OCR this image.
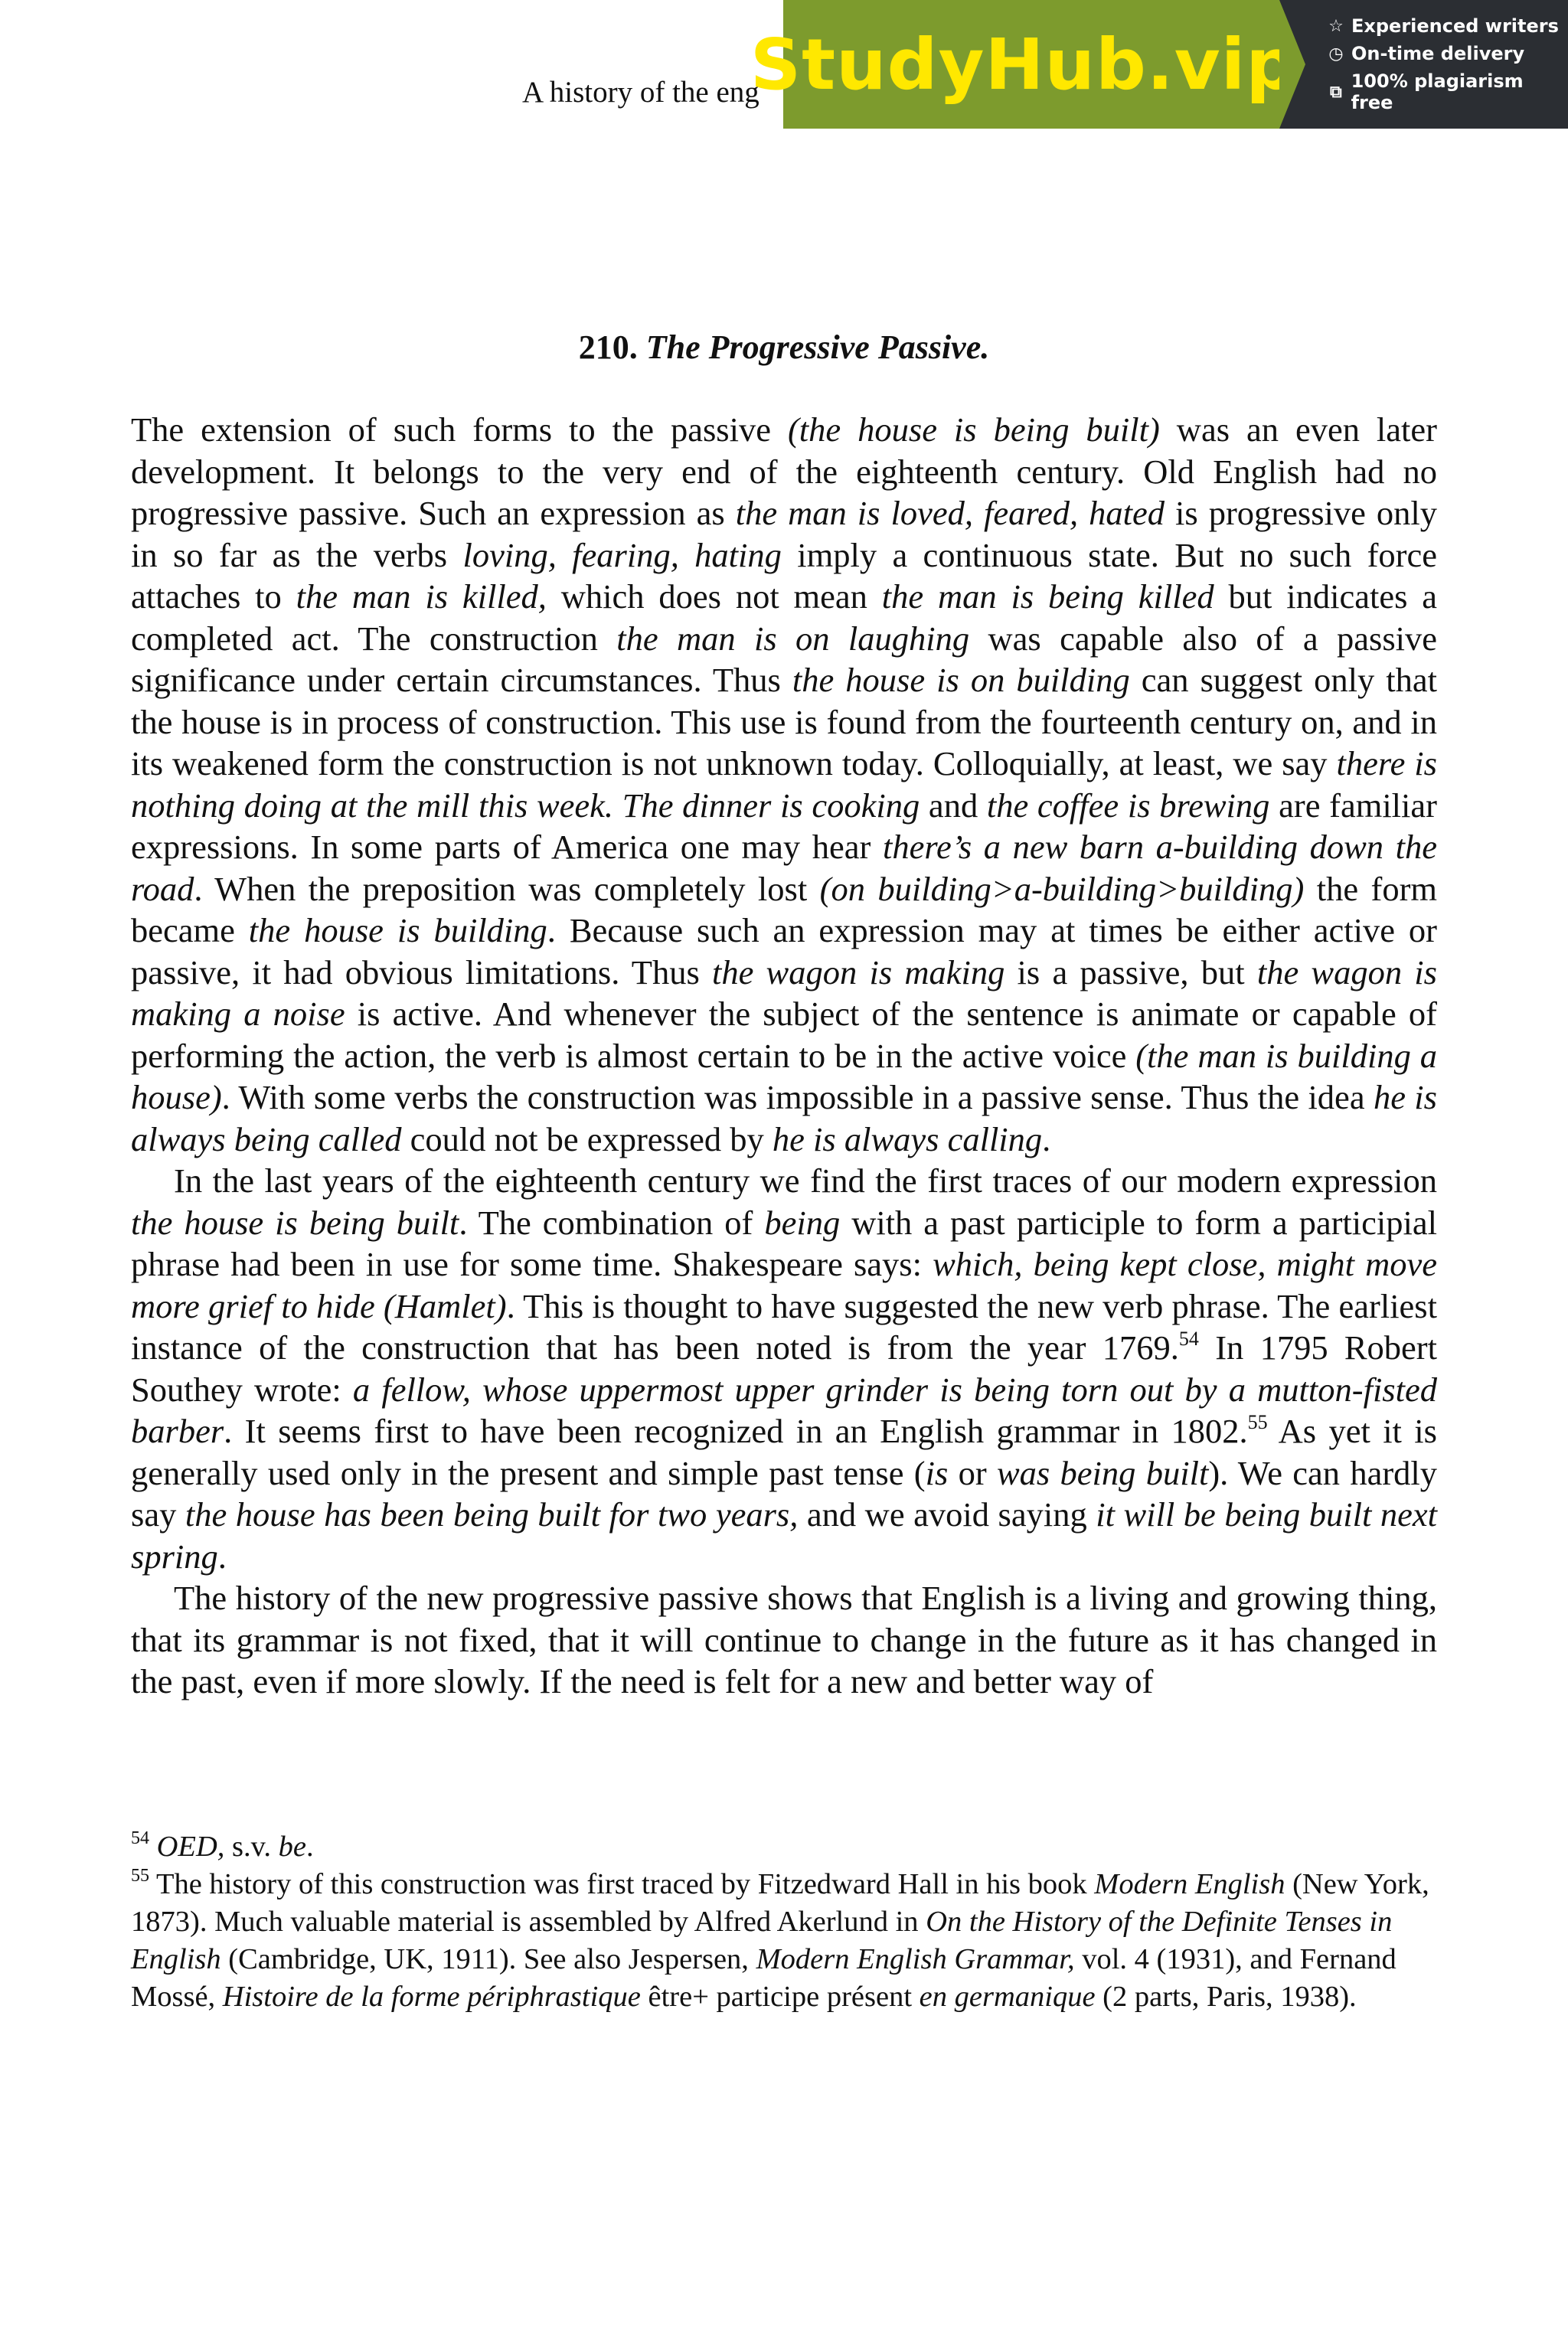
A history of the eng
StudyHub.vip ☆ Experienced writers
◷ On-time delivery
⧉ 100% plagiarism free
210. The Progressive Passive.

The extension of such forms to the passive (the house is being built) was an even later development. It belongs to the very end of the eighteenth century. Old English had no progressive passive. Such an expression as the man is loved, feared, hated is progressive only in so far as the verbs loving, fearing, hating imply a continuous state. But no such force attaches to the man is killed, which does not mean the man is being killed but indicates a completed act. The construction the man is on laughing was capable also of a passive significance under certain circumstances. Thus the house is on building can suggest only that the house is in process of construction. This use is found from the fourteenth century on, and in its weakened form the construction is not unknown today. Colloquially, at least, we say there is nothing doing at the mill this week. The dinner is cooking and the coffee is brewing are familiar expressions. In some parts of America one may hear there’s a new barn a-building down the road. When the preposition was completely lost (on building>a-building>building) the form became the house is building. Because such an expression may at times be either active or passive, it had obvious limitations. Thus the wagon is making is a passive, but the wagon is making a noise is active. And whenever the subject of the sentence is animate or capable of performing the action, the verb is almost certain to be in the active voice (the man is building a house). With some verbs the construction was impossible in a passive sense. Thus the idea he is always being called could not be expressed by he is always calling.

In the last years of the eighteenth century we find the first traces of our modern expression the house is being built. The combination of being with a past participle to form a participial phrase had been in use for some time. Shakespeare says: which, being kept close, might move more grief to hide (Hamlet). This is thought to have suggested the new verb phrase. The earliest instance of the construction that has been noted is from the year 1769.54 In 1795 Robert Southey wrote: a fellow, whose uppermost upper grinder is being torn out by a mutton-fisted barber. It seems first to have been recognized in an English grammar in 1802.55 As yet it is generally used only in the present and simple past tense (is or was being built). We can hardly say the house has been being built for two years, and we avoid saying it will be being built next spring.

The history of the new progressive passive shows that English is a living and growing thing, that its grammar is not fixed, that it will continue to change in the future as it has changed in the past, even if more slowly. If the need is felt for a new and better way of

$^{54}$ OED, s.v. be.

$^{55}$ The history of this construction was first traced by Fitzedward Hall in his book Modern English (New York, 1873). Much valuable material is assembled by Alfred Akerlund in On the History of the Definite Tenses in English (Cambridge, UK, 1911). See also Jespersen, Modern English Grammar, vol. 4 (1931), and Fernand Mossé, Histoire de la forme périphrastique être+ participe présent en germanique (2 parts, Paris, 1938).
